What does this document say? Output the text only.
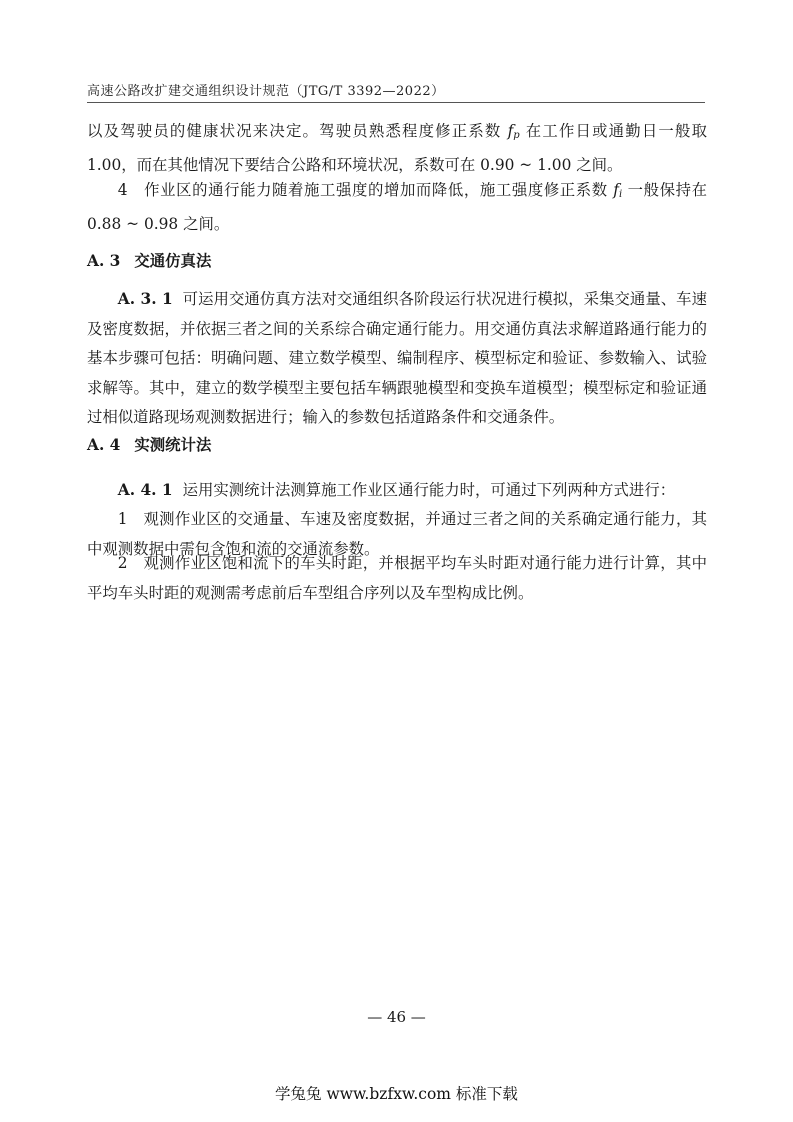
高速公路改扩建交通组织设计规范（JTG/T 3392—2022）

以及驾驶员的健康状况来决定。驾驶员熟悉程度修正系数 $f_p$ 在工作日或通勤日一般取1.00，而在其他情况下要结合公路和环境状况，系数可在 0.90 ~ 1.00 之间。

4　作业区的通行能力随着施工强度的增加而降低，施工强度修正系数 $f_i$ 一般保持在 0.88 ~ 0.98 之间。

A. 3 交通仿真法

A. 3. 1 可运用交通仿真方法对交通组织各阶段运行状况进行模拟，采集交通量、车速及密度数据，并依据三者之间的关系综合确定通行能力。用交通仿真法求解道路通行能力的基本步骤可包括：明确问题、建立数学模型、编制程序、模型标定和验证、参数输入、试验求解等。其中，建立的数学模型主要包括车辆跟驰模型和变换车道模型；模型标定和验证通过相似道路现场观测数据进行；输入的参数包括道路条件和交通条件。

A. 4 实测统计法

A. 4. 1 运用实测统计法测算施工作业区通行能力时，可通过下列两种方式进行：

1　观测作业区的交通量、车速及密度数据，并通过三者之间的关系确定通行能力，其中观测数据中需包含饱和流的交通流参数。

2　观测作业区饱和流下的车头时距，并根据平均车头时距对通行能力进行计算，其中平均车头时距的观测需考虑前后车型组合序列以及车型构成比例。

— 46 —
学兔兔 www.bzfxw.com 标准下载
